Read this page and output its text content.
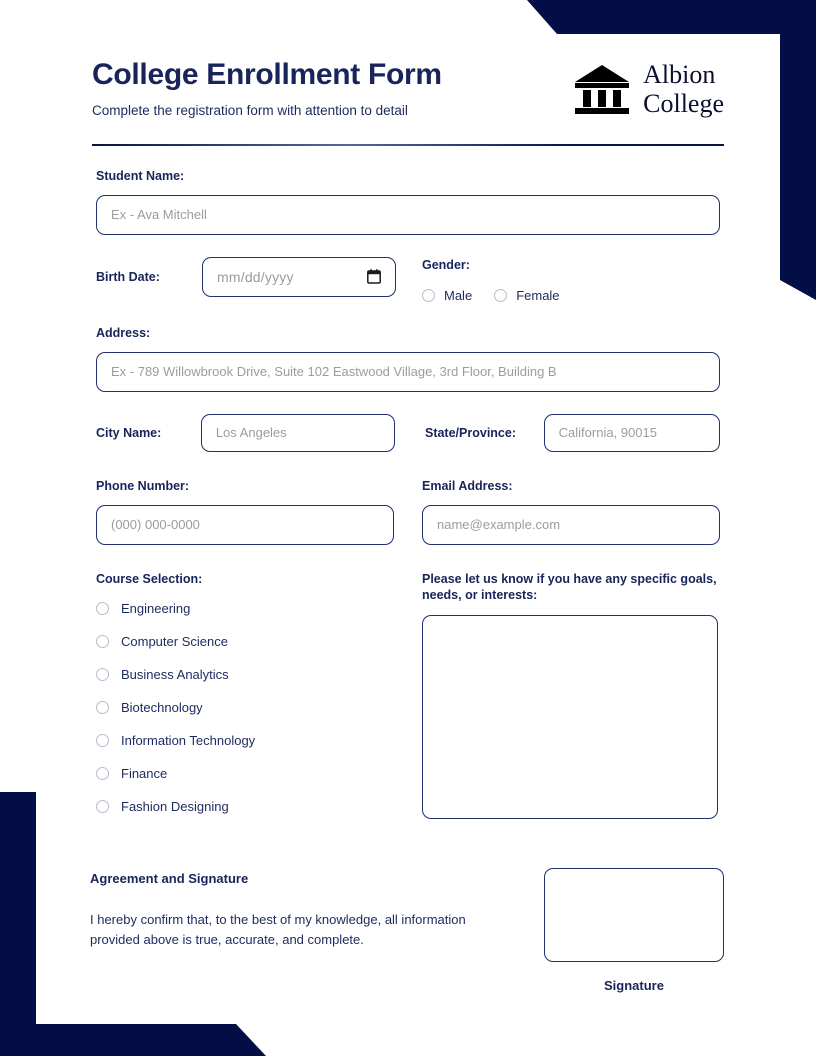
College Enrollment Form
Complete the registration form with attention to detail
Albion
College
Student Name:
Ex - Ava Mitchell
Birth Date:	mm/dd/yyyy
Gender:
Male	Female
Address:
Ex - 789 Willowbrook Drive, Suite 102 Eastwood Village, 3rd Floor, Building B
City Name:	Los Angeles	State/Province:	California, 90015
Phone Number:
(000) 000-0000
Email Address:
name@example.com
Course Selection:
Engineering
Computer Science
Business Analytics
Biotechnology
Information Technology
Finance
Fashion Designing
Please let us know if you have any specific goals, needs, or interests:
Agreement and Signature
I hereby confirm that, to the best of my knowledge, all information provided above is true, accurate, and complete.
Signature
